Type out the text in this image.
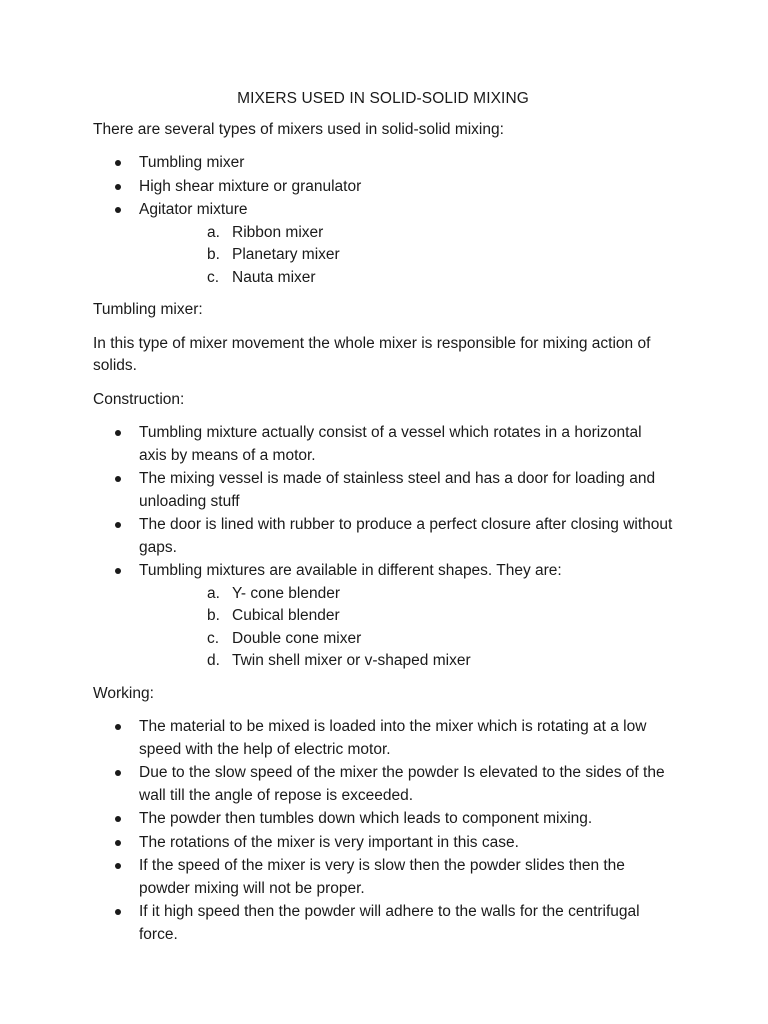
MIXERS USED IN SOLID-SOLID MIXING

There are several types of mixers used in solid-solid mixing:

Tumbling mixer
High shear mixture or granulator
Agitator mixture
a. Ribbon mixer
b. Planetary mixer
c. Nauta mixer

Tumbling mixer:

In this type of mixer movement the whole mixer is responsible for mixing action of solids.

Construction:

Tumbling mixture actually consist of a vessel which rotates in a horizontal axis by means of a motor.
The mixing vessel is made of stainless steel and has a door for loading and unloading stuff
The door is lined with rubber to produce a perfect closure after closing without gaps.
Tumbling mixtures are available in different shapes. They are:
a. Y- cone blender
b. Cubical blender
c. Double cone mixer
d. Twin shell mixer or v-shaped mixer

Working:

The material to be mixed is loaded into the mixer which is rotating at a low speed with the help of electric motor.
Due to the slow speed of the mixer the powder Is elevated to the sides of the wall till the angle of repose is exceeded.
The powder then tumbles down which leads to component mixing.
The rotations of the mixer is very important in this case.
If the speed of the mixer is very is slow then the powder slides then the powder mixing will not be proper.
If it high speed then the powder will adhere to the walls for the centrifugal force.
